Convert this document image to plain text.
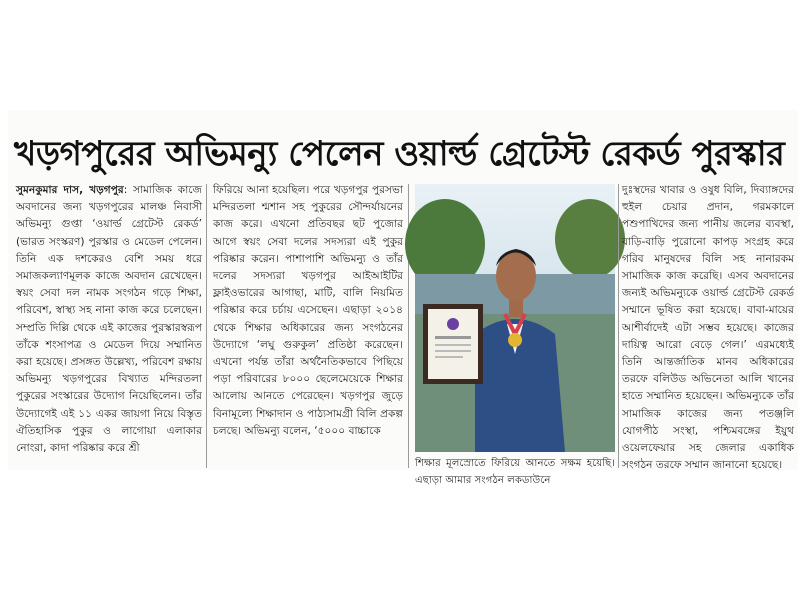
খড়গপুরের অভিমন্যু পেলেন ওয়ার্ল্ড গ্রেটেস্ট রেকর্ড পুরস্কার
সুমনকুমার দাস, খড়গপুর: সামাজিক কাজে অবদানের জন্য খড়গপুরের মালঞ্চ নিবাসী অভিমন্যু গুপ্তা ‘ওয়ার্ল্ড গ্রেটেস্ট রেকর্ড’ (ভারত সংস্করণ) পুরস্কার ও মেডেল পেলেন। তিনি এক দশকেরও বেশি সময় ধরে সমাজকল্যাণমূলক কাজে অবদান রেখেছেন। স্বয়ং সেবা দল নামক সংগঠন গড়ে শিক্ষা, পরিবেশ, স্বাস্থ্য সহ নানা কাজ করে চলেছেন। সম্প্রতি দিল্লি থেকে এই কাজের পুরস্কারস্বরূপ তাঁকে শংসাপত্র ও মেডেল দিয়ে সম্মানিত করা হয়েছে। প্রসঙ্গত উল্লেখ্য, পরিবেশ রক্ষায় অভিমন্যু খড়গপুরের বিখ্যাত মন্দিরতলা পুকুরের সংস্কারের উদ্যোগ নিয়েছিলেন। তাঁর উদ্যোগেই এই ১১ একর জায়গা নিয়ে বিস্তৃত ঐতিহাসিক পুকুর ও লাগোয়া এলাকার নোংরা, কাদা পরিষ্কার করে শ্রী
ফিরিয়ে আনা হয়েছিল। পরে খড়গপুর পুরসভা মন্দিরতলা শ্মশান সহ পুকুরের সৌন্দর্যায়নের কাজ করে। এখনো প্রতিবছর ছট পুজোর আগে স্বয়ং সেবা দলের সদস্যরা এই পুকুর পরিষ্কার করেন। পাশাপাশি অভিমন্যু ও তাঁর দলের সদস্যরা খড়গপুর আইআইটির ফ্লাইওভারের আগাছা, মাটি, বালি নিয়মিত পরিষ্কার করে চর্চায় এসেছেন। এছাড়া ২০১৪ থেকে শিক্ষার অধিকারের জন্য সংগঠনের উদ্যোগে ‘লঘু গুরুকুল’ প্রতিষ্ঠা করেছেন। এখনো পর্যন্ত তাঁরা অর্থনৈতিকভাবে পিছিয়ে পড়া পরিবারের ৮০০০ ছেলেমেয়েকে শিক্ষার আলোয় আনতে পেরেছেন। খড়গপুর জুড়ে বিনামূল্যে শিক্ষাদান ও পাঠ্যসামগ্রী বিলি প্রকল্প চলছে। অভিমন্যু বলেন, ‘৫০০০ বাচ্চাকে
শিক্ষার মূলস্রোতে ফিরিয়ে আনতে সক্ষম হয়েছি। এছাড়া আমার সংগঠন লকডাউনে
দুঃস্থদের খাবার ও ওষুধ বিলি, দিব্যাঙ্গদের হুইল চেয়ার প্রদান, গরমকালে পশুপাখিদের জন্য পানীয় জলের ব্যবস্থা, বাড়ি-বাড়ি পুরোনো কাপড় সংগ্রহ করে গরিব মানুষদের বিলি সহ নানারকম সামাজিক কাজ করেছি। এসব অবদানের জন্যই অভিমন্যুকে ওয়ার্ল্ড গ্রেটেস্ট রেকর্ড সম্মানে ভূষিত করা হয়েছে। বাবা-মায়ের আশীর্বাদেই এটা সম্ভব হয়েছে। কাজের দায়িত্ব আরো বেড়ে গেল।’ এরমধ্যেই তিনি আন্তর্জাতিক মানব অধিকারের তরফে বলিউড অভিনেতা আলি খানের হাতে সম্মানিত হয়েছেন। অভিমন্যুকে তাঁর সামাজিক কাজের জন্য পতঞ্জলি যোগপীঠ সংস্থা, পশ্চিমবঙ্গের ইয়ুথ ওয়েলফেয়ার সহ জেলার একাধিক সংগঠন তরফে সম্মান জানানো হয়েছে।
